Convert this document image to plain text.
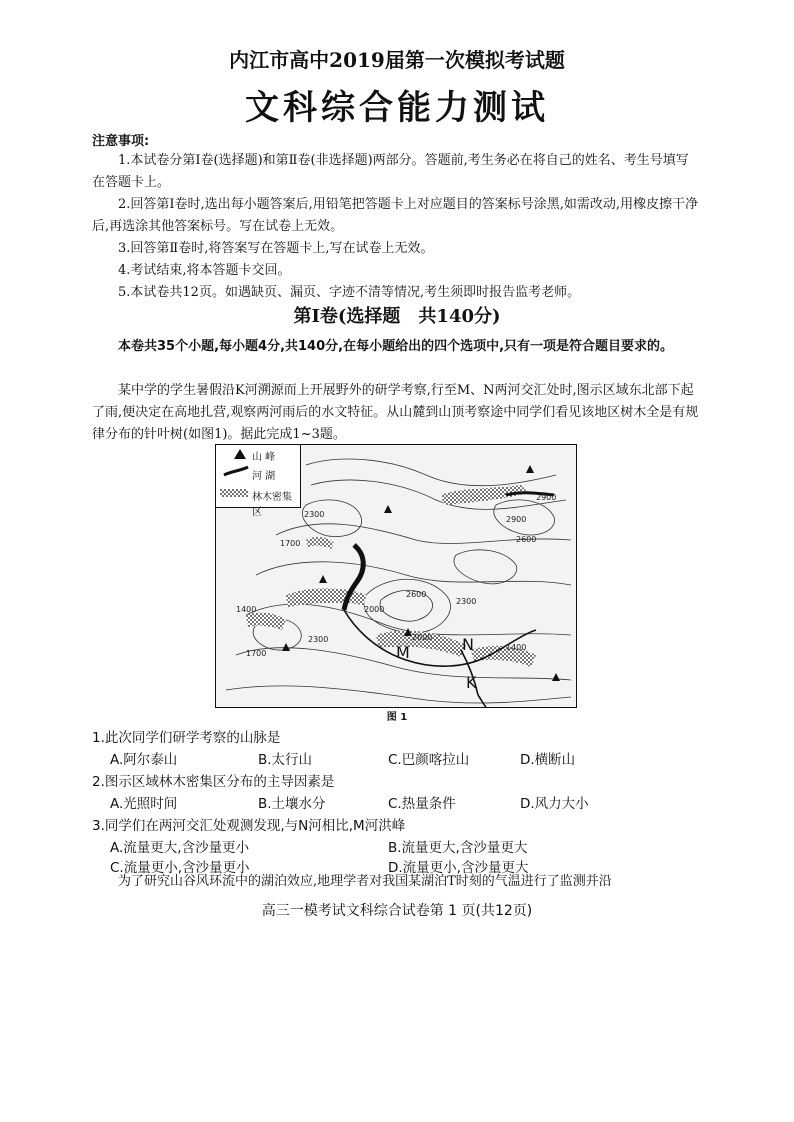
内江市高中2019届第一次模拟考试题
文科综合能力测试
注意事项:

1.本试卷分第Ⅰ卷(选择题)和第Ⅱ卷(非选择题)两部分。答题前,考生务必在将自己的姓名、考生号填写在答题卡上。

2.回答第Ⅰ卷时,选出每小题答案后,用铅笔把答题卡上对应题目的答案标号涂黑,如需改动,用橡皮擦干净后,再选涂其他答案标号。写在试卷上无效。

3.回答第Ⅱ卷时,将答案写在答题卡上,写在试卷上无效。

4.考试结束,将本答题卡交回。

5.本试卷共12页。如遇缺页、漏页、字迹不清等情况,考生须即时报告监考老师。

第Ⅰ卷(选择题　共140分)
本卷共35个小题,每小题4分,共140分,在每小题给出的四个选项中,只有一项是符合题目要求的。
某中学的学生暑假沿K河溯源而上开展野外的研学考察,行至M、N两河交汇处时,图示区域东北部下起了雨,便决定在高地扎营,观察两河雨后的水文特征。从山麓到山顶考察途中同学们看见该地区树木全是有规律分布的针叶树(如图1)。据此完成1~3题。
山 峰
河 湖
林木密集区	2300
1700
1400	2000
2600
2300
2300
1700
2900
2600
2900
2000
1400
M	N
K
图 1
1.此次同学们研学考察的山脉是
A.阿尔泰山	B.太行山	C.巴颜喀拉山	D.横断山
2.图示区域林木密集区分布的主导因素是
A.光照时间	B.土壤水分	C.热量条件	D.风力大小
3.同学们在两河交汇处观测发现,与N河相比,M河洪峰
A.流量更大,含沙量更小	B.流量更大,含沙量更大
C.流量更小,含沙量更小	D.流量更小,含沙量更大
为了研究山谷风环流中的湖泊效应,地理学者对我国某湖泊T时刻的气温进行了监测并沿
高三一模考试文科综合试卷第 1 页(共12页)
